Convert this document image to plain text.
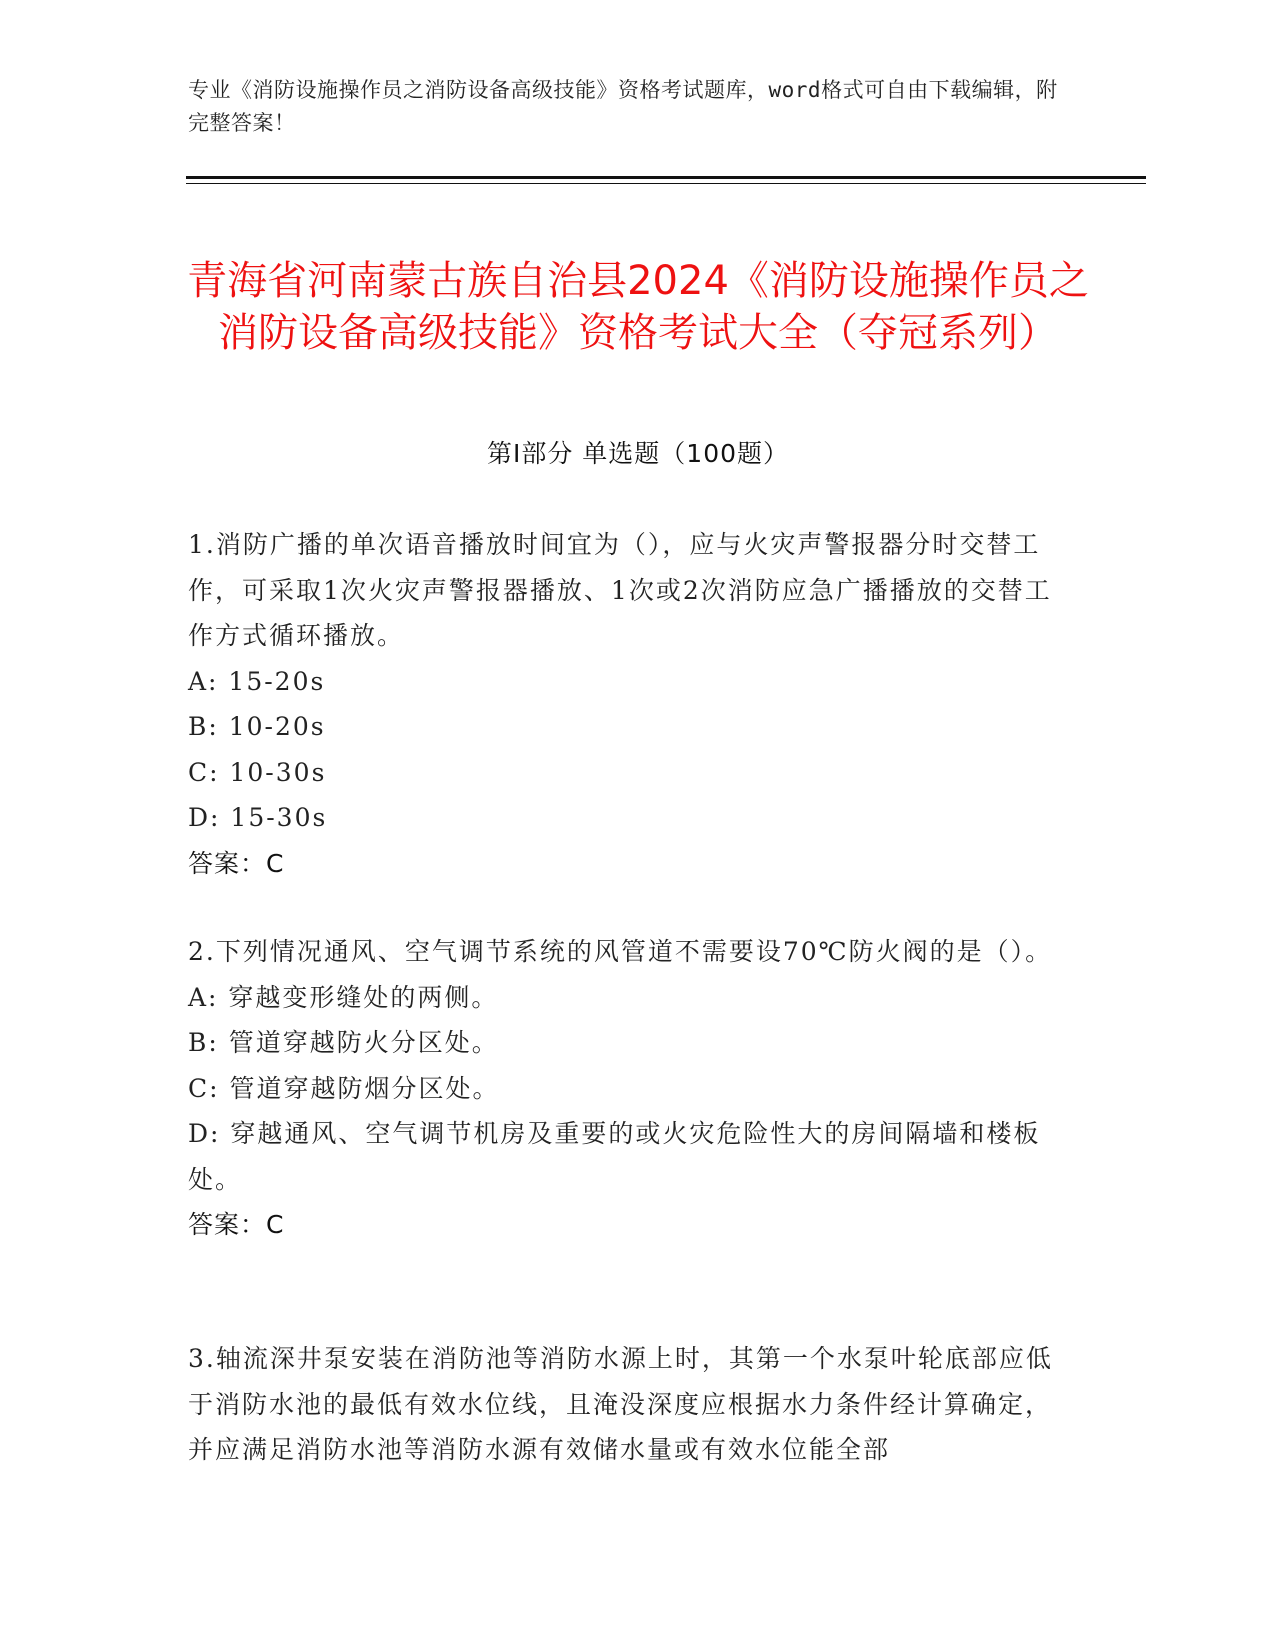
专业《消防设施操作员之消防设备高级技能》资格考试题库，word格式可自由下载编辑，附完整答案！
青海省河南蒙古族自治县2024《消防设施操作员之消防设备高级技能》资格考试大全（夺冠系列）
第Ⅰ部分 单选题（100题）

1.消防广播的单次语音播放时间宜为（），应与火灾声警报器分时交替工作，可采取1次火灾声警报器播放、1次或2次消防应急广播播放的交替工作方式循环播放。

A: 15-20s

B: 10-20s

C: 10-30s

D: 15-30s

答案：C

2.下列情况通风、空气调节系统的风管道不需要设70℃防火阀的是（）。

A: 穿越变形缝处的两侧。

B: 管道穿越防火分区处。

C: 管道穿越防烟分区处。

D: 穿越通风、空气调节机房及重要的或火灾危险性大的房间隔墙和楼板处。

答案：C

3.轴流深井泵安装在消防池等消防水源上时，其第一个水泵叶轮底部应低于消防水池的最低有效水位线，且淹没深度应根据水力条件经计算确定，并应满足消防水池等消防水源有效储水量或有效水位能全部
